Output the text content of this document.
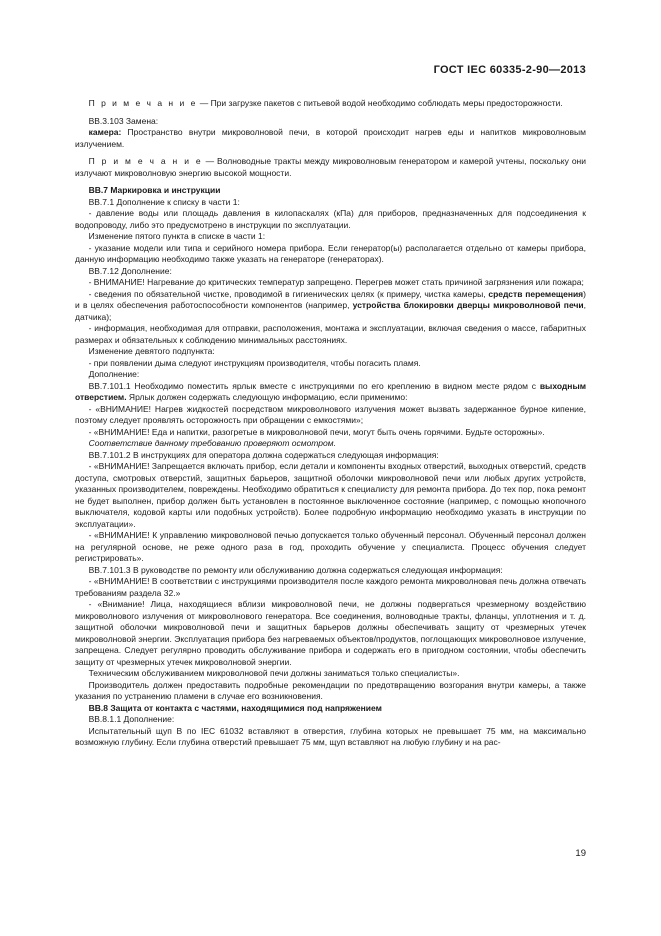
ГОСТ IEC 60335-2-90—2013

П р и м е ч а н и е — При загрузке пакетов с питьевой водой необходимо соблюдать меры предосторожности.

ВВ.3.103 Замена:

камера: Пространство внутри микроволновой печи, в которой происходит нагрев еды и напитков микроволновым излучением.

П р и м е ч а н и е — Волноводные тракты между микроволновым генератором и камерой учтены, поскольку они излучают микроволновую энергию высокой мощности.

ВВ.7 Маркировка и инструкции

ВВ.7.1 Дополнение к списку в части 1:

- давление воды или площадь давления в килопаскалях (кПа) для приборов, предназначенных для подсоединения к водопроводу, либо это предусмотрено в инструкции по эксплуатации.

Изменение пятого пункта в списке в части 1:

- указание модели или типа и серийного номера прибора. Если генератор(ы) располагается отдельно от камеры прибора, данную информацию необходимо также указать на генераторе (генераторах).

ВВ.7.12 Дополнение:

- ВНИМАНИЕ! Нагревание до критических температур запрещено. Перегрев может стать причиной загрязнения или пожара;

- сведения по обязательной чистке, проводимой в гигиенических целях (к примеру, чистка камеры, средств перемещения) и в целях обеспечения работоспособности компонентов (например, устройства блокировки дверцы микроволновой печи, датчика);

- информация, необходимая для отправки, расположения, монтажа и эксплуатации, включая сведения о массе, габаритных размерах и обязательных к соблюдению минимальных расстояниях.

Изменение девятого подпункта:

- при появлении дыма следуют инструкциям производителя, чтобы погасить пламя.

Дополнение:

ВВ.7.101.1 Необходимо поместить ярлык вместе с инструкциями по его креплению в видном месте рядом с выходным отверстием. Ярлык должен содержать следующую информацию, если применимо:

- «ВНИМАНИЕ! Нагрев жидкостей посредством микроволнового излучения может вызвать задержанное бурное кипение, поэтому следует проявлять осторожность при обращении с емкостями»;

- «ВНИМАНИЕ! Еда и напитки, разогретые в микроволновой печи, могут быть очень горячими. Будьте осторожны».

Соответствие данному требованию проверяют осмотром.

ВВ.7.101.2 В инструкциях для оператора должна содержаться следующая информация:

- «ВНИМАНИЕ! Запрещается включать прибор, если детали и компоненты входных отверстий, выходных отверстий, средств доступа, смотровых отверстий, защитных барьеров, защитной оболочки микроволновой печи или любых других устройств, указанных производителем, повреждены. Необходимо обратиться к специалисту для ремонта прибора. До тех пор, пока ремонт не будет выполнен, прибор должен быть установлен в постоянное выключенное состояние (например, с помощью кнопочного выключателя, кодовой карты или подобных устройств). Более подробную информацию необходимо указать в инструкции по эксплуатации».

- «ВНИМАНИЕ! К управлению микроволновой печью допускается только обученный персонал. Обученный персонал должен на регулярной основе, не реже одного раза в год, проходить обучение у специалиста. Процесс обучения следует регистрировать».

ВВ.7.101.3 В руководстве по ремонту или обслуживанию должна содержаться следующая информация:

- «ВНИМАНИЕ! В соответствии с инструкциями производителя после каждого ремонта микроволновая печь должна отвечать требованиям раздела 32.»

- «Внимание! Лица, находящиеся вблизи микроволновой печи, не должны подвергаться чрезмерному воздействию микроволнового излучения от микроволнового генератора. Все соединения, волноводные тракты, фланцы, уплотнения и т. д. защитной оболочки микроволновой печи и защитных барьеров должны обеспечивать защиту от чрезмерных утечек микроволновой энергии. Эксплуатация прибора без нагреваемых объектов/продуктов, поглощающих микроволновое излучение, запрещена. Следует регулярно проводить обслуживание прибора и содержать его в пригодном состоянии, чтобы обеспечить защиту от чрезмерных утечек микроволновой энергии.

Техническим обслуживанием микроволновой печи должны заниматься только специалисты».

Производитель должен предоставить подробные рекомендации по предотвращению возгорания внутри камеры, а также указания по устранению пламени в случае его возникновения.

ВВ.8 Защита от контакта с частями, находящимися под напряжением

ВВ.8.1.1 Дополнение:

Испытательный щуп В по IEC 61032 вставляют в отверстия, глубина которых не превышает 75 мм, на максимально возможную глубину. Если глубина отверстий превышает 75 мм, щуп вставляют на любую глубину и на рас-

19
